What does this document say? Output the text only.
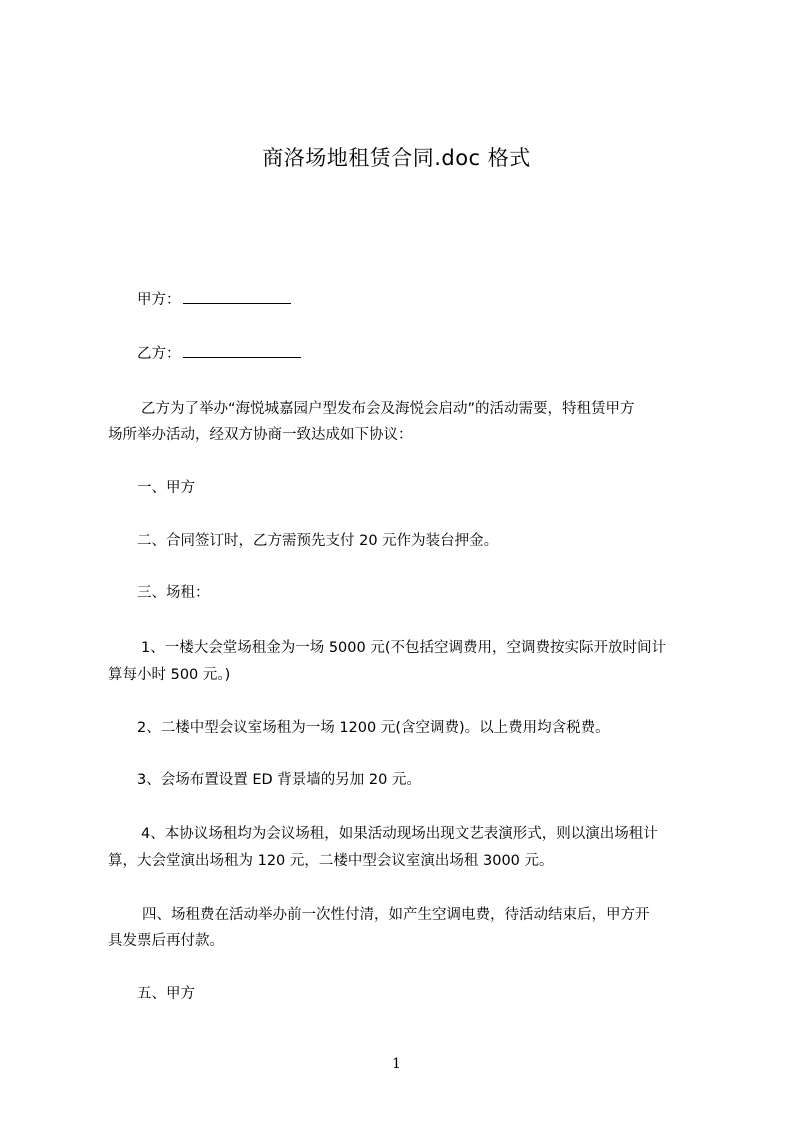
商洛场地租赁合同.doc 格式
甲方：
乙方：
乙方为了举办“海悦城嘉园户型发布会及海悦会启动”的活动需要，特租赁甲方
场所举办活动，经双方协商一致达成如下协议：
一、甲方
二、合同签订时，乙方需预先支付 20 元作为装台押金。
三、场租：
1、一楼大会堂场租金为一场 5000 元(不包括空调费用，空调费按实际开放时间计
算每小时 500 元。)
2、二楼中型会议室场租为一场 1200 元(含空调费)。以上费用均含税费。
3、会场布置设置 ED 背景墙的另加 20 元。
4、本协议场租均为会议场租，如果活动现场出现文艺表演形式，则以演出场租计
算，大会堂演出场租为 120 元，二楼中型会议室演出场租 3000 元。
四、场租费在活动举办前一次性付清，如产生空调电费，待活动结束后，甲方开
具发票后再付款。
五、甲方
1
